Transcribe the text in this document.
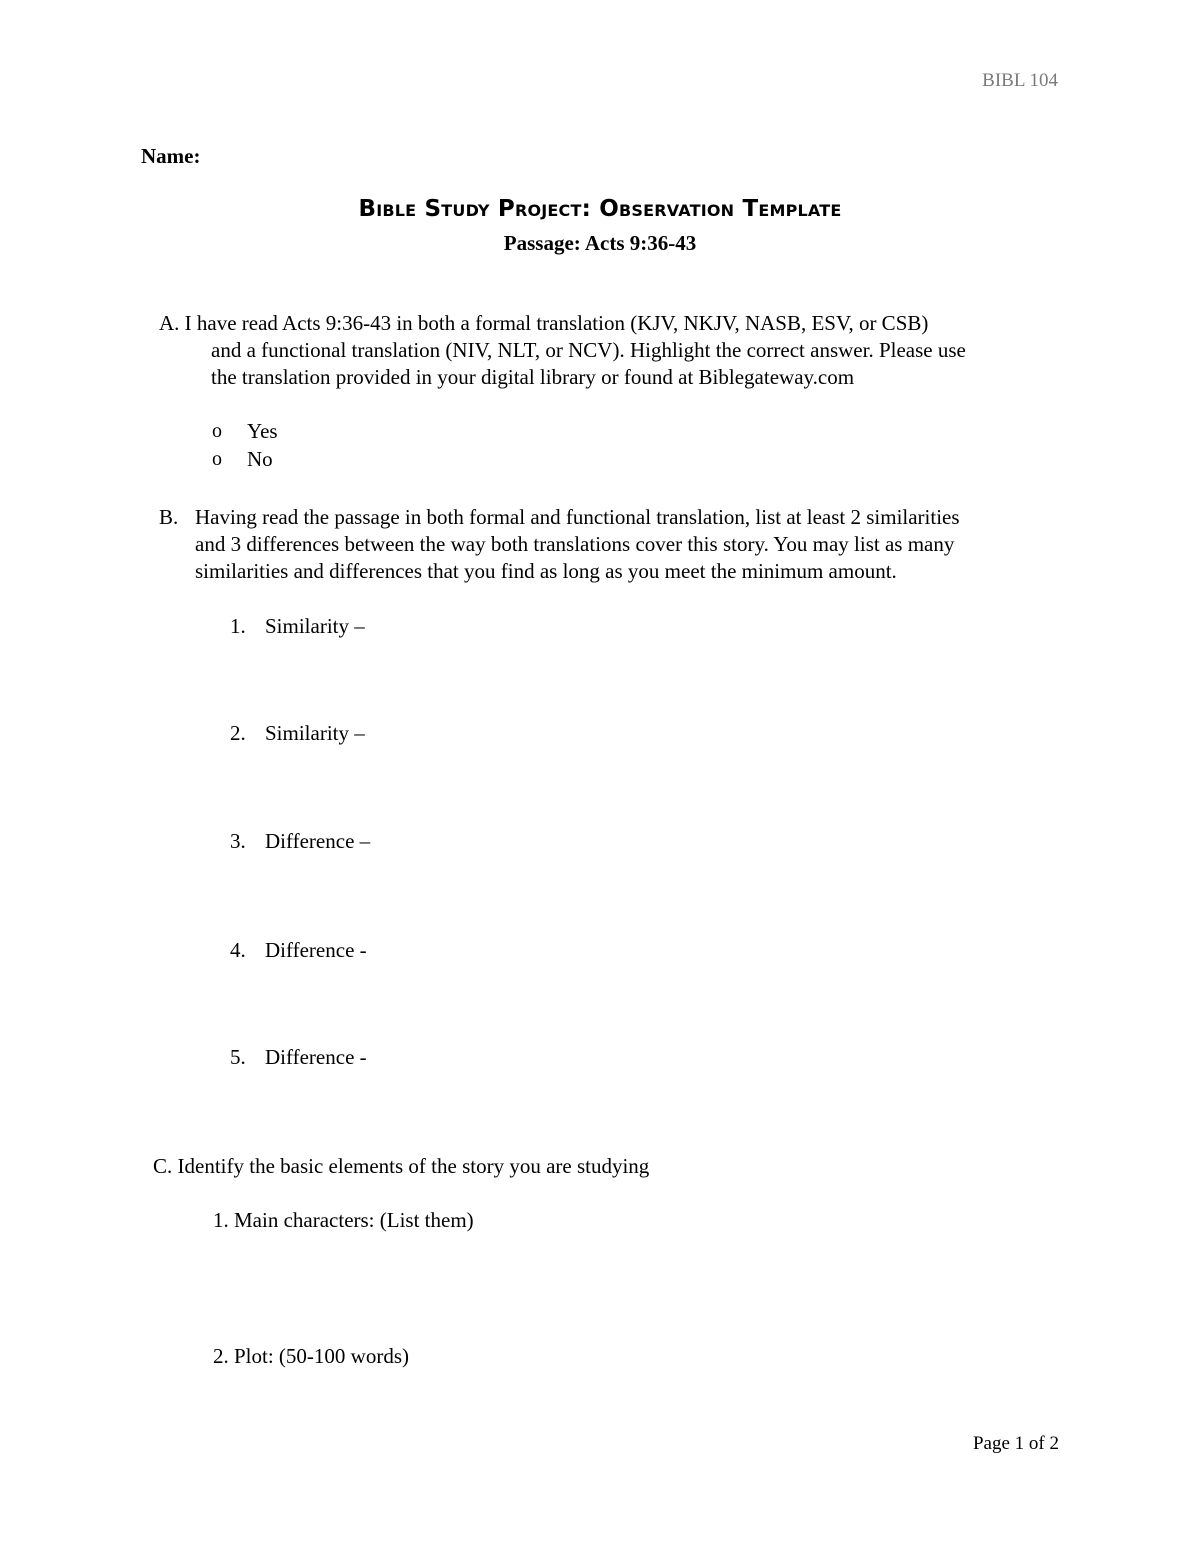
BIBL 104
Name:
Bible Study Project: Observation Template
Passage: Acts 9:36-43
A. I have read Acts 9:36-43 in both a formal translation (KJV, NKJV, NASB, ESV, or CSB)
and a functional translation (NIV, NLT, or NCV). Highlight the correct answer. Please use
the translation provided in your digital library or found at Biblegateway.com
o Yes
o No
B. Having read the passage in both formal and functional translation, list at least 2 similarities
and 3 differences between the way both translations cover this story. You may list as many
similarities and differences that you find as long as you meet the minimum amount.
1. Similarity –
2. Similarity –
3. Difference –
4. Difference -
5. Difference -
C. Identify the basic elements of the story you are studying
1. Main characters: (List them)
2. Plot: (50-100 words)
Page 1 of 2
